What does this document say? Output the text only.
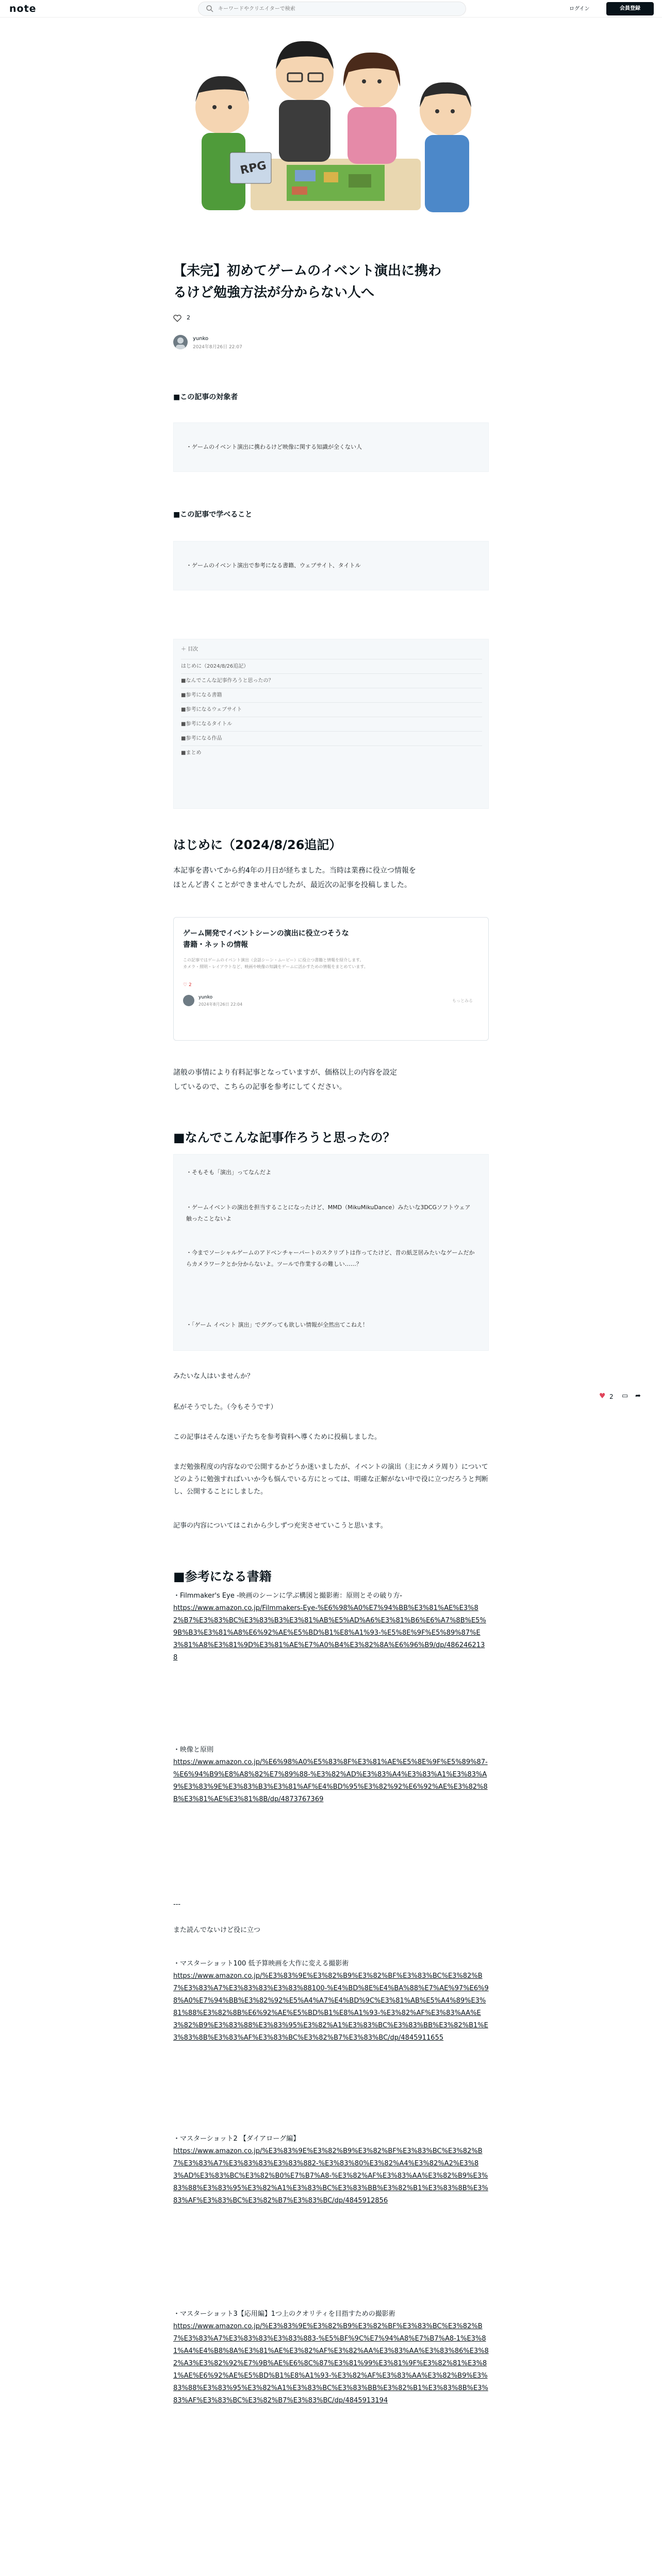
note
キーワードやクリエイターで検索	ログイン	会員登録
RPG
【未完】初めてゲームのイベント演出に携わ
るけど勉強方法が分からない人へ
2
yunko
2024年8月26日 22:07
■この記事の対象者
・ゲームのイベント演出に携わるけど映像に関する知識が全くない人
■この記事で学べること
・ゲームのイベント演出で参考になる書籍、ウェブサイト、タイトル
＋ 目次
はじめに（2024/8/26追記）
■なんでこんな記事作ろうと思ったの？
■参考になる書籍
■参考になるウェブサイト
■参考になるタイトル
■参考になる作品
■まとめ
はじめに（2024/8/26追記）
本記事を書いてから約4年の月日が経ちました。当時は業務に役立つ情報を
ほとんど書くことができませんでしたが、最近次の記事を投稿しました。
ゲーム開発でイベントシーンの演出に役立つそうな
書籍・ネットの情報
この記事ではゲームのイベント演出（会話シーン・ムービー）に役立つ書籍と情報を紹介します。
カメラ・照明・レイアウトなど、映画や映像の知識をゲームに活かすための情報をまとめています。
♡ 2
yunko
2024年8月26日 22:04
もっとみる
諸般の事情により有料記事となっていますが、価格以上の内容を設定
しているので、こちらの記事を参考にしてください。
■なんでこんな記事作ろうと思ったの？
・そもそも「演出」ってなんだよ
・ゲームイベントの演出を担当することになったけど、MMD（MikuMikuDance）みたいな3DCGソフトウェア触ったことないよ
・今までソーシャルゲームのアドベンチャーパートのスクリプトは作ってたけど、昔の紙芝居みたいなゲームだからカメラワークとか分からないよ。ツールで作業するの難しい……？
・「ゲーム イベント 演出」でググっても欲しい情報が全然出てこねえ！
みたいな人はいませんか？
私がそうでした。（今もそうです）
この記事はそんな迷い子たちを参考資料へ導くために投稿しました。
まだ勉強程度の内容なので公開するかどうか迷いましたが、イベントの演出（主にカメラ周り）についてどのように勉強すればいいか今も悩んでいる方にとっては、明確な正解がない中で役に立つだろうと判断し、公開することにしました。
記事の内容についてはこれから少しずつ充実させていこうと思います。
■参考になる書籍
・Filmmaker's Eye -映画のシーンに学ぶ構図と撮影術：原則とその破り方-
https://www.amazon.co.jp/Filmmakers-Eye-%E6%98%A0%E7%94%BB%E3%81%AE%E3%82%B7%E3%83%BC%E3%83%B3%E3%81%AB%E5%AD%A6%E3%81%B6%E6%A7%8B%E5%9B%B3%E3%81%A8%E6%92%AE%E5%BD%B1%E8%A1%93-%E5%8E%9F%E5%89%87%E3%81%A8%E3%81%9D%E3%81%AE%E7%A0%B4%E3%82%8A%E6%96%B9/dp/4862462138
・映像と原則
https://www.amazon.co.jp/%E6%98%A0%E5%83%8F%E3%81%AE%E5%8E%9F%E5%89%87-%E6%94%B9%E8%A8%82%E7%89%88-%E3%82%AD%E3%83%A4%E3%83%A1%E3%83%A9%E3%83%9E%E3%83%B3%E3%81%AF%E4%BD%95%E3%82%92%E6%92%AE%E3%82%8B%E3%81%AE%E3%81%8B/dp/4873767369
---
また読んでないけど役に立つ
・マスターショット100 低予算映画を大作に変える撮影術
https://www.amazon.co.jp/%E3%83%9E%E3%82%B9%E3%82%BF%E3%83%BC%E3%82%B7%E3%83%A7%E3%83%83%E3%83%88100-%E4%BD%8E%E4%BA%88%E7%AE%97%E6%98%A0%E7%94%BB%E3%82%92%E5%A4%A7%E4%BD%9C%E3%81%AB%E5%A4%89%E3%81%88%E3%82%8B%E6%92%AE%E5%BD%B1%E8%A1%93-%E3%82%AF%E3%83%AA%E3%82%B9%E3%83%88%E3%83%95%E3%82%A1%E3%83%BC%E3%83%BB%E3%82%B1%E3%83%8B%E3%83%AF%E3%83%BC%E3%82%B7%E3%83%BC/dp/4845911655
・マスターショット2 【ダイアローグ編】
https://www.amazon.co.jp/%E3%83%9E%E3%82%B9%E3%82%BF%E3%83%BC%E3%82%B7%E3%83%A7%E3%83%83%E3%83%882-%E3%83%80%E3%82%A4%E3%82%A2%E3%83%AD%E3%83%BC%E3%82%B0%E7%B7%A8-%E3%82%AF%E3%83%AA%E3%82%B9%E3%83%88%E3%83%95%E3%82%A1%E3%83%BC%E3%83%BB%E3%82%B1%E3%83%8B%E3%83%AF%E3%83%BC%E3%82%B7%E3%83%BC/dp/4845912856
・マスターショット3【応用編】1つ上のクオリティを目指すための撮影術
https://www.amazon.co.jp/%E3%83%9E%E3%82%B9%E3%82%BF%E3%83%BC%E3%82%B7%E3%83%A7%E3%83%83%E3%83%883-%E5%BF%9C%E7%94%A8%E7%B7%A8-1%E3%81%A4%E4%B8%8A%E3%81%AE%E3%82%AF%E3%82%AA%E3%83%AA%E3%83%86%E3%82%A3%E3%82%92%E7%9B%AE%E6%8C%87%E3%81%99%E3%81%9F%E3%82%81%E3%81%AE%E6%92%AE%E5%BD%B1%E8%A1%93-%E3%82%AF%E3%83%AA%E3%82%B9%E3%83%88%E3%83%95%E3%82%A1%E3%83%BC%E3%83%BB%E3%82%B1%E3%83%8B%E3%83%AF%E3%83%BC%E3%82%B7%E3%83%BC/dp/4845913194
♥ 2 ▭ ➦
